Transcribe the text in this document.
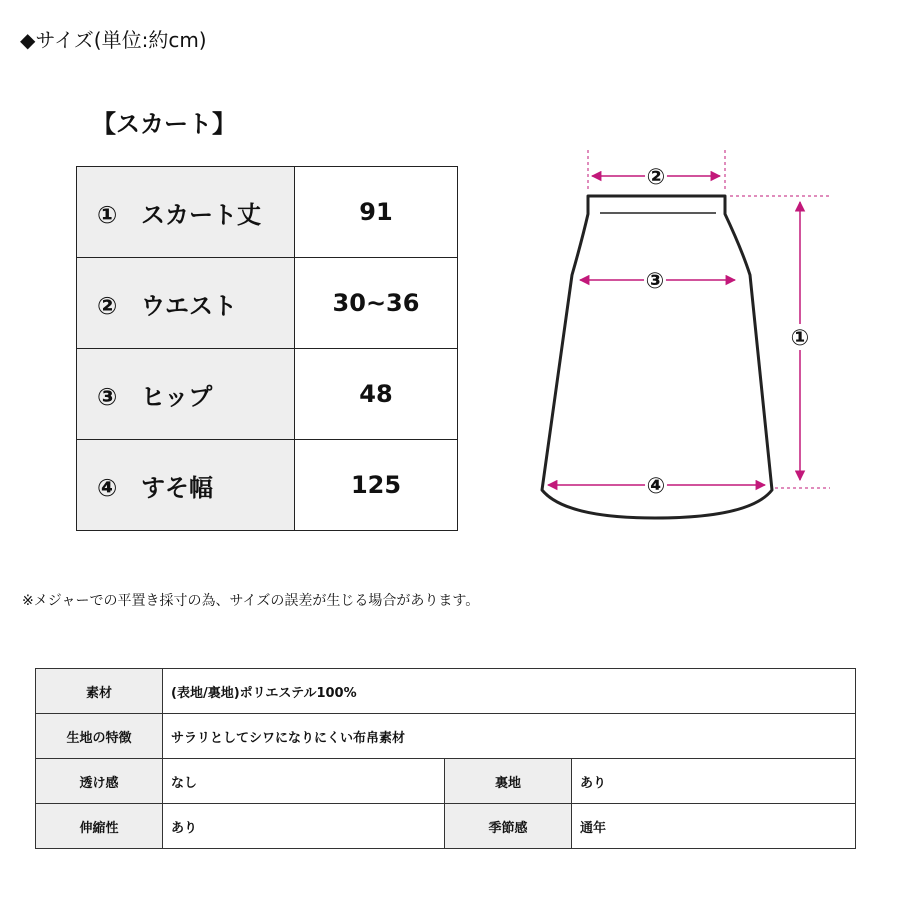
◆サイズ(単位:約cm)
【スカート】
① スカート丈	91
② ウエスト	30~36
③ ヒップ	48
④ すそ幅	125
②
③
④
①
※メジャーでの平置き採寸の為、サイズの誤差が生じる場合があります。
素材	(表地/裏地)ポリエステル100%		
生地の特徴	サラリとしてシワになりにくい布帛素材		
透け感	なし	裏地	あり
伸縮性	あり	季節感	通年
